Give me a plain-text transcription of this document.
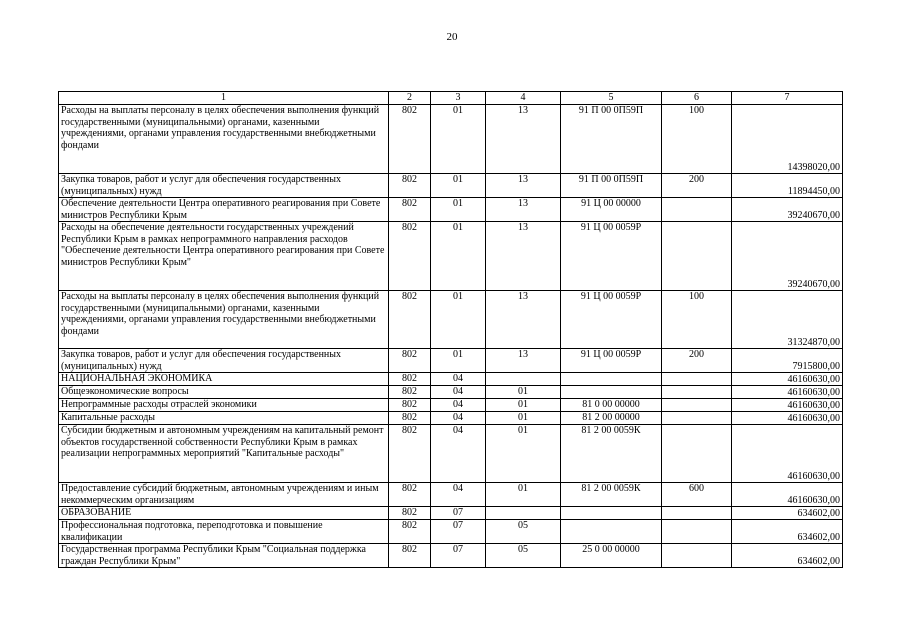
20
1	2	3	4	5	6	7
Расходы на выплаты персоналу в целях обеспечения выполнения функций государственными (муниципальными) органами, казенными учреждениями, органами управления государственными внебюджетными фондами	802	01	13	91 П 00 0П59П	100	14398020,00
Закупка товаров, работ и услуг для обеспечения государственных (муниципальных) нужд	802	01	13	91 П 00 0П59П	200	11894450,00
Обеспечение деятельности Центра оперативного реагирования при Совете министров Республики Крым	802	01	13	91 Ц 00 00000		39240670,00
Расходы на обеспечение деятельности государственных учреждений Республики Крым в рамках непрограммного направления расходов "Обеспечение деятельности Центра оперативного реагирования при Совете министров Республики Крым"	802	01	13	91 Ц 00 0059Р		39240670,00
Расходы на выплаты персоналу в целях обеспечения выполнения функций государственными (муниципальными) органами, казенными учреждениями, органами управления государственными внебюджетными фондами	802	01	13	91 Ц 00 0059Р	100	31324870,00
Закупка товаров, работ и услуг для обеспечения государственных (муниципальных) нужд	802	01	13	91 Ц 00 0059Р	200	7915800,00
НАЦИОНАЛЬНАЯ ЭКОНОМИКА	802	04				46160630,00
Общеэкономические вопросы	802	04	01			46160630,00
Непрограммные расходы отраслей экономики	802	04	01	81 0 00 00000		46160630,00
Капитальные расходы	802	04	01	81 2 00 00000		46160630,00
Субсидии бюджетным и автономным учреждениям на капитальный ремонт объектов государственной собственности Республики Крым в рамках реализации непрограммных мероприятий "Капитальные расходы"	802	04	01	81 2 00 0059К		46160630,00
Предоставление субсидий бюджетным, автономным учреждениям и иным некоммерческим организациям	802	04	01	81 2 00 0059К	600	46160630,00
ОБРАЗОВАНИЕ	802	07				634602,00
Профессиональная подготовка, переподготовка и повышение квалификации	802	07	05			634602,00
Государственная программа Республики Крым "Социальная поддержка граждан Республики Крым"	802	07	05	25 0 00 00000		634602,00
